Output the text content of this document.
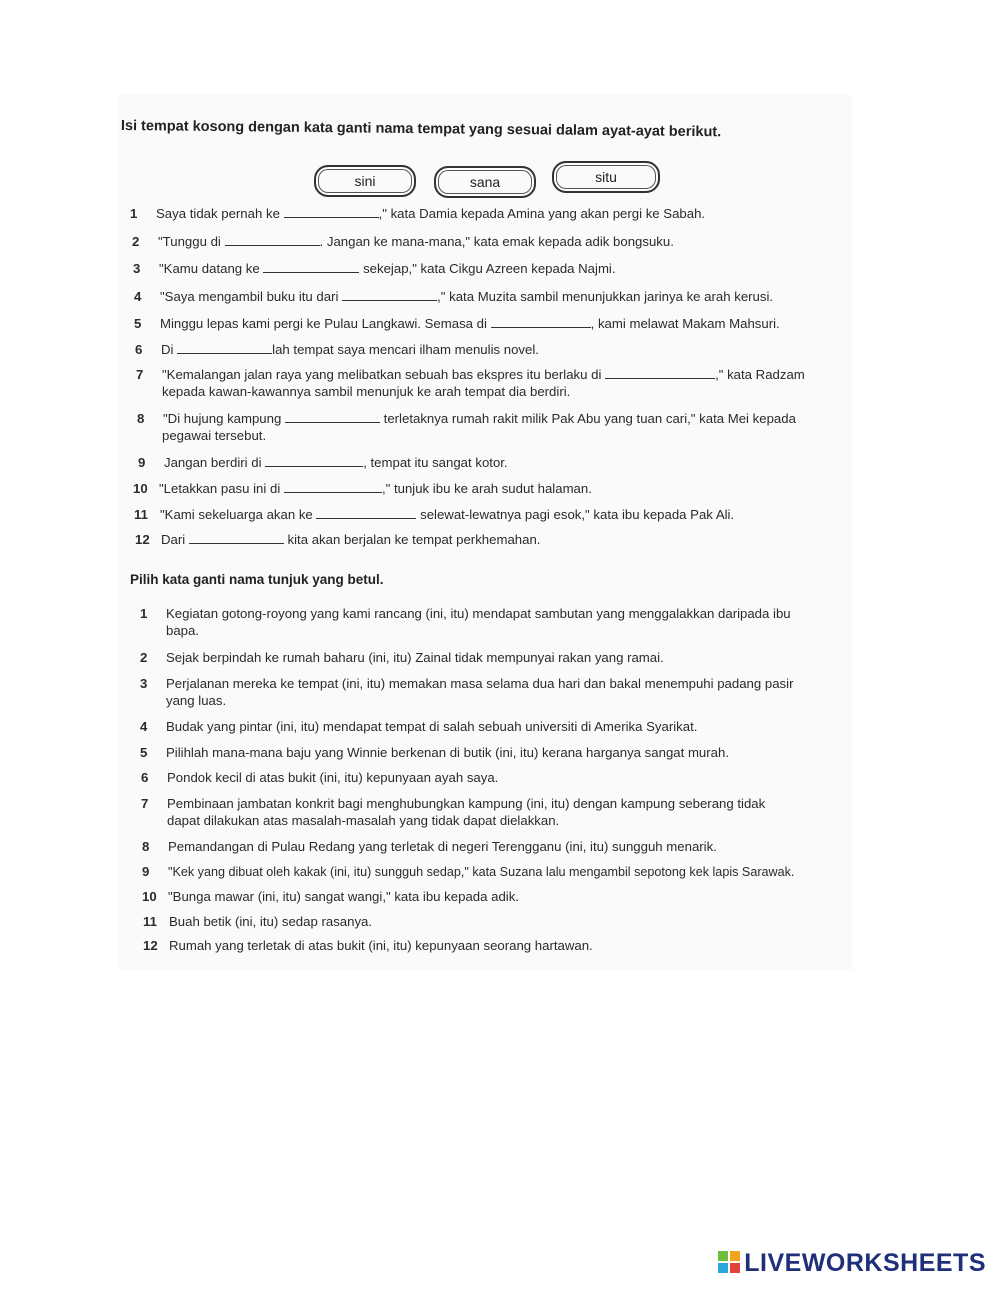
Isi tempat kosong dengan kata ganti nama tempat yang sesuai dalam ayat-ayat berikut.
sini	sana	situ
1	Saya tidak pernah ke	," kata Damia kepada Amina yang akan pergi ke Sabah.
2	"Tunggu di	. Jangan ke mana-mana," kata emak kepada adik bongsuku.
3	"Kamu datang ke	sekejap," kata Cikgu Azreen kepada Najmi.
4	"Saya mengambil buku itu dari	," kata Muzita sambil menunjukkan jarinya ke arah kerusi.
5	Minggu lepas kami pergi ke Pulau Langkawi. Semasa di	, kami melawat Makam Mahsuri.
6	Di	lah tempat saya mencari ilham menulis novel.
7	"Kemalangan jalan raya yang melibatkan sebuah bas ekspres itu berlaku di	," kata Radzam
kepada kawan-kawannya sambil menunjuk ke arah tempat dia berdiri.
8	"Di hujung kampung	terletaknya rumah rakit milik Pak Abu yang tuan cari," kata Mei kepada
pegawai tersebut.
9	Jangan berdiri di	, tempat itu sangat kotor.
10 "Letakkan pasu ini di	," tunjuk ibu ke arah sudut halaman.
11 "Kami sekeluarga akan ke	selewat-lewatnya pagi esok," kata ibu kepada Pak Ali.
12 Dari	kita akan berjalan ke tempat perkhemahan.
Pilih kata ganti nama tunjuk yang betul.
1	Kegiatan gotong-royong yang kami rancang (ini, itu) mendapat sambutan yang menggalakkan daripada ibu
bapa.
2	Sejak berpindah ke rumah baharu (ini, itu) Zainal tidak mempunyai rakan yang ramai.
3	Perjalanan mereka ke tempat (ini, itu) memakan masa selama dua hari dan bakal menempuhi padang pasir
yang luas.
4	Budak yang pintar (ini, itu) mendapat tempat di salah sebuah universiti di Amerika Syarikat.
5	Pilihlah mana-mana baju yang Winnie berkenan di butik (ini, itu) kerana harganya sangat murah.
6	Pondok kecil di atas bukit (ini, itu) kepunyaan ayah saya.
7	Pembinaan jambatan konkrit bagi menghubungkan kampung (ini, itu) dengan kampung seberang tidak
dapat dilakukan atas masalah-masalah yang tidak dapat dielakkan.
8	Pemandangan di Pulau Redang yang terletak di negeri Terengganu (ini, itu) sungguh menarik.
9	"Kek yang dibuat oleh kakak (ini, itu) sungguh sedap," kata Suzana lalu mengambil sepotong kek lapis Sarawak.
10 "Bunga mawar (ini, itu) sangat wangi," kata ibu kepada adik.
11 Buah betik (ini, itu) sedap rasanya.
12 Rumah yang terletak di atas bukit (ini, itu) kepunyaan seorang hartawan.
LIVEWORKSHEETS
